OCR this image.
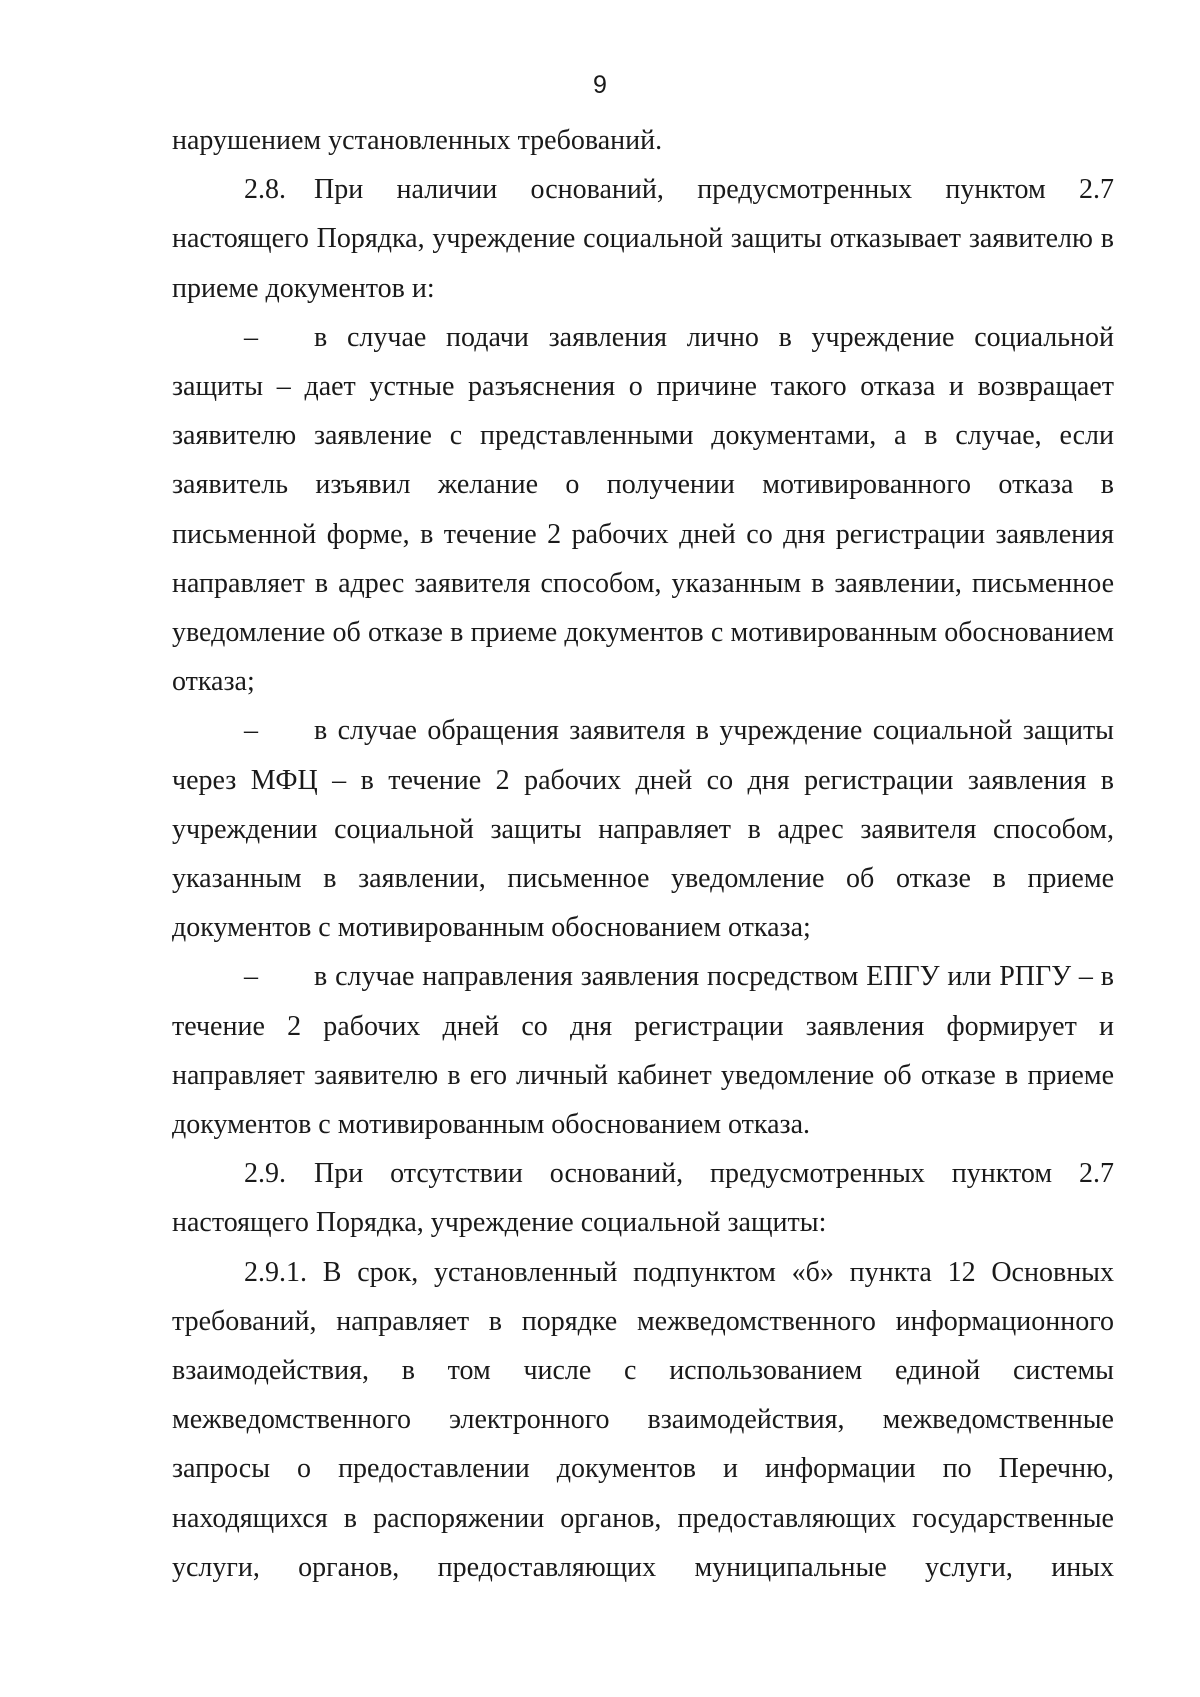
9

нарушением установленных требований.

2.8. При наличии оснований, предусмотренных пунктом 2.7 настоящего Порядка, учреждение социальной защиты отказывает заявителю в приеме документов и:

– в случае подачи заявления лично в учреждение социальной защиты – дает устные разъяснения о причине такого отказа и возвращает заявителю заявление с представленными документами, а в случае, если заявитель изъявил желание о получении мотивированного отказа в письменной форме, в течение 2 рабочих дней со дня регистрации заявления направляет в адрес заявителя способом, указанным в заявлении, письменное уведомление об отказе в приеме документов с мотивированным обоснованием отказа;

– в случае обращения заявителя в учреждение социальной защиты через МФЦ – в течение 2 рабочих дней со дня регистрации заявления в учреждении социальной защиты направляет в адрес заявителя способом, указанным в заявлении, письменное уведомление об отказе в приеме документов с мотивированным обоснованием отказа;

– в случае направления заявления посредством ЕПГУ или РПГУ – в течение 2 рабочих дней со дня регистрации заявления формирует и направляет заявителю в его личный кабинет уведомление об отказе в приеме документов с мотивированным обоснованием отказа.

2.9. При отсутствии оснований, предусмотренных пунктом 2.7 настоящего Порядка, учреждение социальной защиты:

2.9.1. В срок, установленный подпунктом «б» пункта 12 Основных требований, направляет в порядке межведомственного информационного взаимодействия, в том числе с использованием единой системы межведомственного электронного взаимодействия, межведомственные запросы о предоставлении документов и информации по Перечню, находящихся в распоряжении органов, предоставляющих государственные услуги, органов, предоставляющих муниципальные услуги, иных
